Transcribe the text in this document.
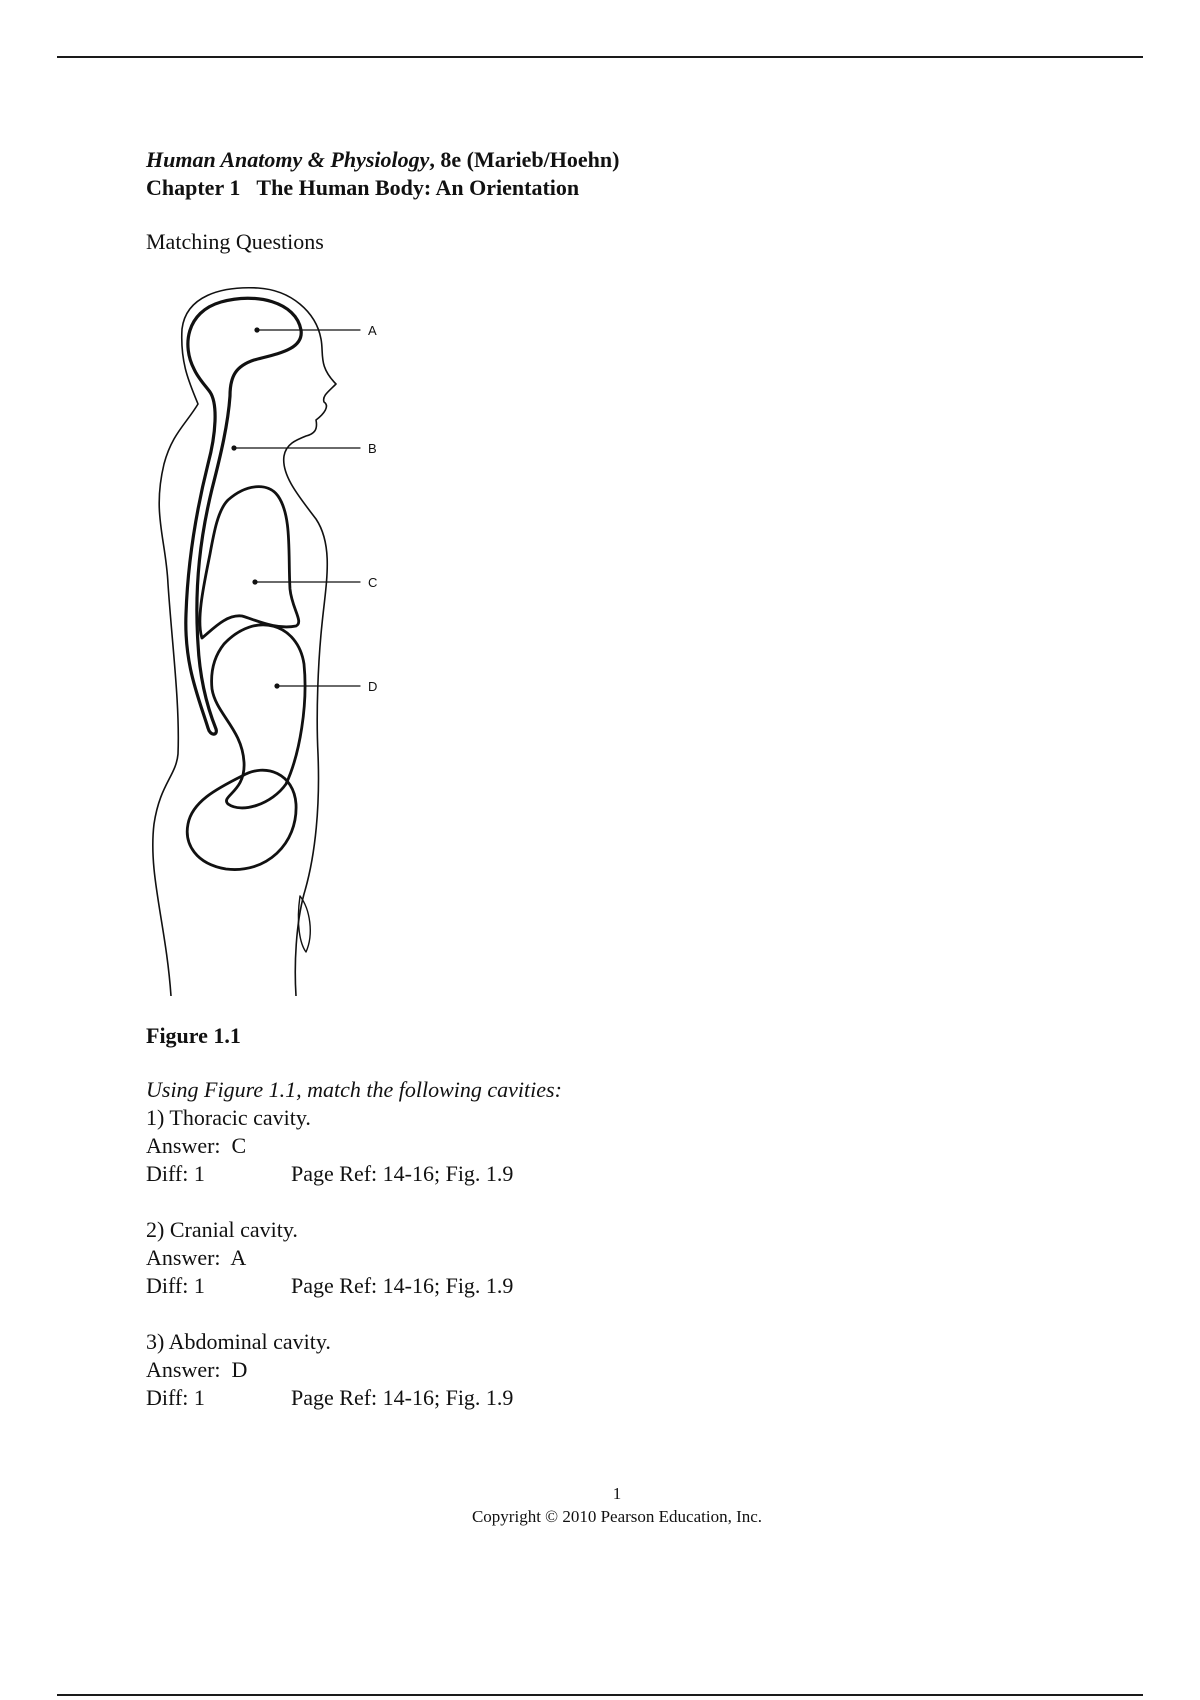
Human Anatomy & Physiology, 8e (Marieb/Hoehn)
Chapter 1   The Human Body: An Orientation
Matching Questions
A
B
C
D
Figure 1.1
Using Figure 1.1, match the following cavities:
1) Thoracic cavity.
Answer:  C
Diff: 1	Page Ref: 14-16; Fig. 1.9
2) Cranial cavity.
Answer:  A
Diff: 1	Page Ref: 14-16; Fig. 1.9
3) Abdominal cavity.
Answer:  D
Diff: 1	Page Ref: 14-16; Fig. 1.9
1
Copyright © 2010 Pearson Education, Inc.
